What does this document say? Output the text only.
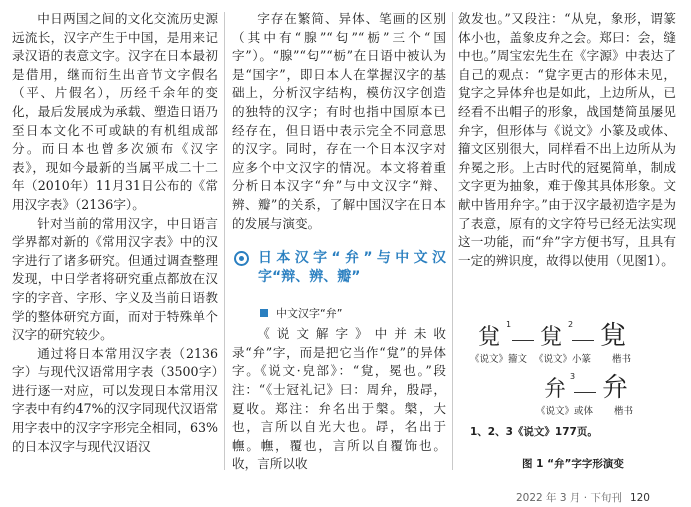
中日两国之间的文化交流历史源远流长，汉字产生于中国，是用来记录汉语的表意文字。汉字在日本最初是借用，继而衍生出音节文字假名（平、片假名），历经千余年的变化，最后发展成为承载、塑造日语乃至日本文化不可或缺的有机组成部分。而日本也曾多次颁布《汉字表》，现如今最新的当属平成二十二年（2010年）11月31日公布的《常用汉字表》（2136字）。

针对当前的常用汉字，中日语言学界都对新的《常用汉字表》中的汉字进行了诸多研究。但通过调查整理发现，中日学者将研究重点都放在汉字的字音、字形、字义及当前日语教学的整体研究方面，而对于特殊单个汉字的研究较少。

通过将日本常用汉字表（2136字）与现代汉语常用字表（3500字）进行逐一对应，可以发现日本常用汉字表中有约47%的汉字同现代汉语常用字表中的汉字字形完全相同，63%的日本汉字与现代汉语汉

字存在繁简、异体、笔画的区别（其中有“腺”“匂”“栃”三个“国字”）。“腺”“匂”“栃”在日语中被认为是“国字”，即日本人在掌握汉字的基础上，分析汉字结构，模仿汉字创造的独特的汉字；有时也指中国原本已经存在，但日语中表示完全不同意思的汉字。同时，存在一个日本汉字对应多个中文汉字的情况。本文将着重分析日本汉字“弁”与中文汉字“辩、辨、瓣”的关系，了解中国汉字在日本的发展与演变。

日本汉字“弁”与中文汉字“辩、辨、瓣”
中文汉字“弁”

《说文解字》中并未收录“弁”字，而是把它当作“覍”的异体字。《说文·皃部》：“覍，冕也。”段注：“《士冠礼记》曰：周弁，殷冔，夏收。郑注：弁名出于槃。槃，大也，言所以自光大也。冔，名出于幠。幠，覆也，言所以自覆饰也。收，言所以收

敛发也。”又段注：“从皃，象形，谓篆体小也，盖象皮弁之会。郑曰：会，缝中也。”周宝宏先生在《字源》中表达了自己的观点：“覍字更古的形体未见，覍字之异体弁也是如此，上边所从，已经看不出帽子的形象，战国楚简虽屡见弁字，但形体与《说文》小篆及或体、籀文区别很大，同样看不出上边所从为弁冕之形。上古时代的冠冕简单，制成文字更为抽象，难于像其具体形象。文献中皆用弁字。”由于汉字最初造字是为了表意，原有的文字符号已经无法实现这一功能，而“弁”字方便书写，且具有一定的辨识度，故得以使用（见图1）。

覍
1
覍
2 覍
《说文》籀文 《说文》小篆 楷书
弁
3 弁
《说文》或体 楷书
1、2、3《说文》177页。
图 1 “弁”字字形演变
2022 年 3 月 · 下旬刊 120
